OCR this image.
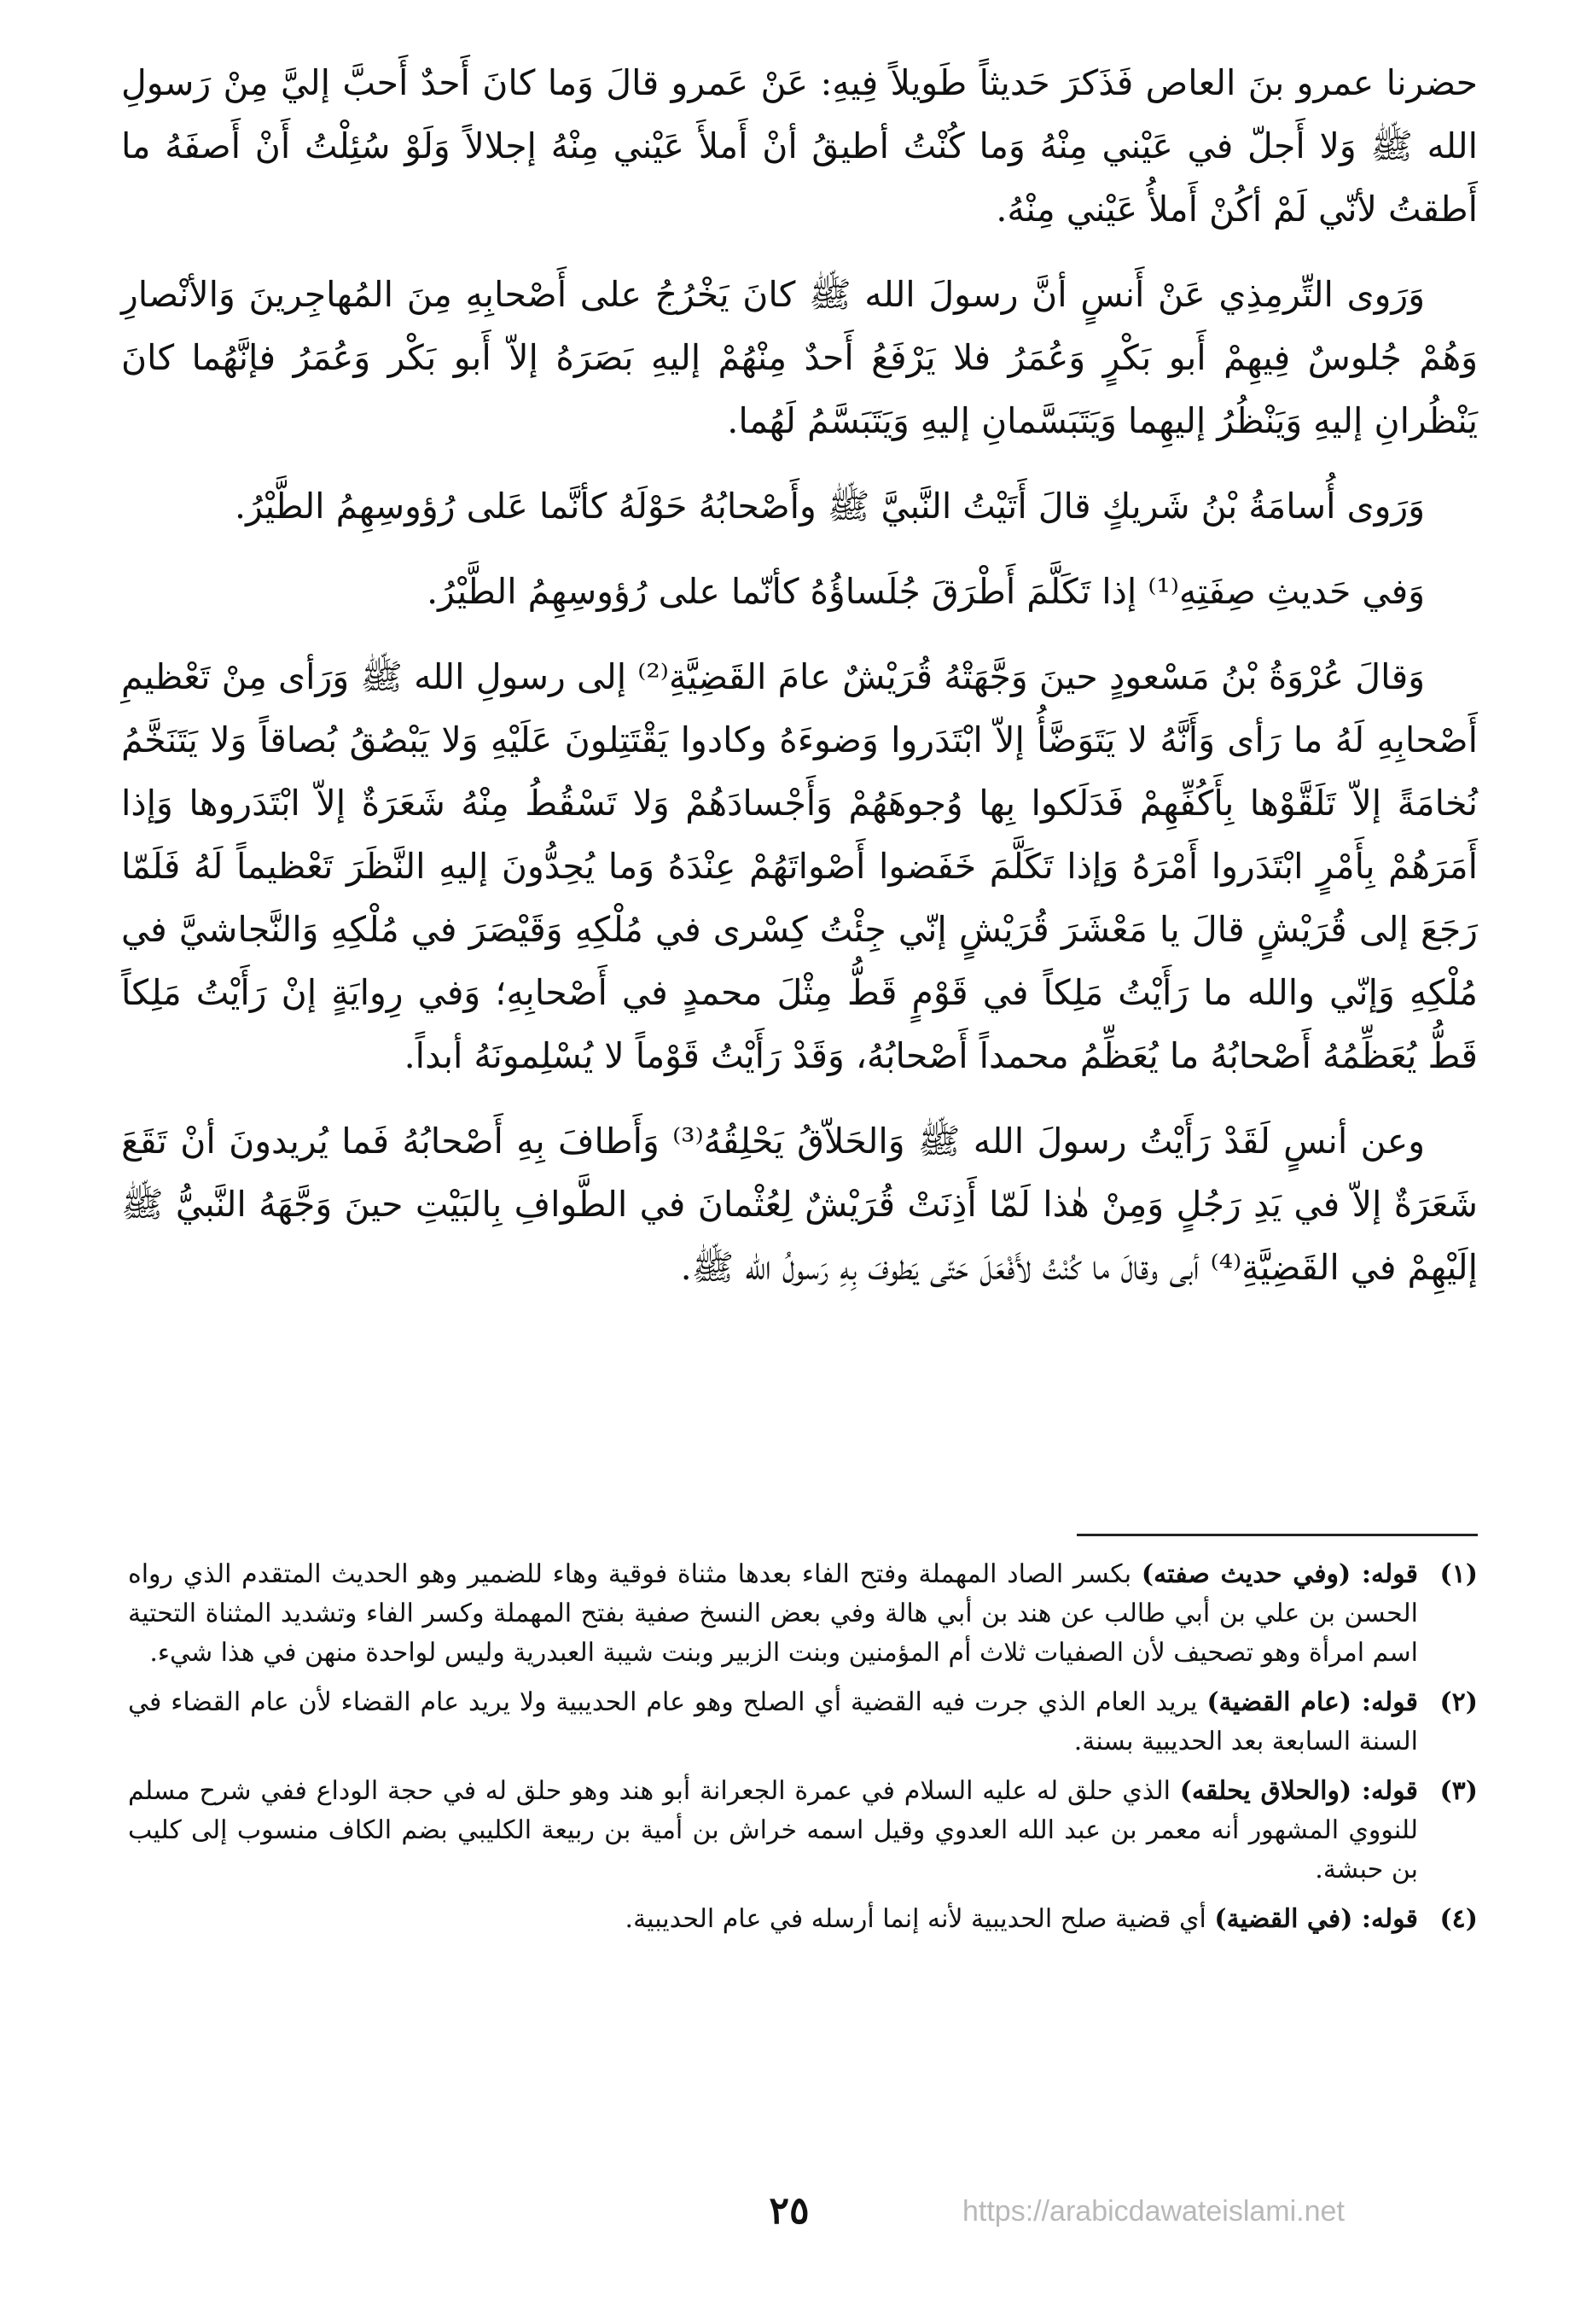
حضرنا عمرو بنَ العاص فَذَكرَ حَديثاً طَويلاً فِيهِ: عَنْ عَمرو قالَ وَما كانَ أَحدٌ أَحبَّ إليَّ مِنْ رَسولِ الله ﷺ وَلا أَجلّ في عَيْني مِنْهُ وَما كُنْتُ أطيقُ أنْ أَملأَ عَيْني مِنْهُ إجلالاً وَلَوْ سُئِلْتُ أَنْ أَصفَهُ ما أَطقتُ لأنّي لَمْ أكُنْ أَملأُ عَيْني مِنْهُ.

وَرَوى التِّرمِذِي عَنْ أَنسٍ أنَّ رسولَ الله ﷺ كانَ يَخْرُجُ على أَصْحابِهِ مِنَ المُهاجِرينَ وَالأنْصارِ وَهُمْ جُلوسٌ فِيهِمْ أَبو بَكْرٍ وَعُمَرُ فلا يَرْفَعُ أَحدٌ مِنْهُمْ إليهِ بَصَرَهُ إلاّ أَبو بَكْر وَعُمَرُ فإنَّهُما كانَ يَنْظُرانِ إليهِ وَيَنْظُرُ إليهِما وَيَتَبَسَّمانِ إليهِ وَيَتَبَسَّمُ لَهُما.

وَرَوى أُسامَةُ بْنُ شَريكٍ قالَ أَتَيْتُ النَّبيَّ ﷺ وأَصْحابُهُ حَوْلَهُ كأنَّما عَلى رُؤوسِهِمُ الطَّيْرُ.

وَفي حَديثِ صِفَتِهِ⁽¹⁾ إذا تَكَلَّمَ أَطْرَقَ جُلَساؤُهُ كأنّما على رُؤوسِهِمُ الطَّيْرُ.

وَقالَ عُرْوَةُ بْنُ مَسْعودٍ حينَ وَجَّهَتْهُ قُرَيْشٌ عامَ القَضِيَّةِ⁽²⁾ إلى رسولِ الله ﷺ وَرَأى مِنْ تَعْظيمِ أَصْحابِهِ لَهُ ما رَأى وَأَنَّهُ لا يَتَوَضَّأُ إلاّ ابْتَدَروا وَضوءَهُ وكادوا يَقْتَتِلونَ عَلَيْهِ وَلا يَبْصُقُ بُصاقاً وَلا يَتَنَخَّمُ نُخامَةً إلاّ تَلَقَّوْها بِأَكُفِّهِمْ فَدَلَكوا بِها وُجوهَهُمْ وَأَجْسادَهُمْ وَلا تَسْقُطُ مِنْهُ شَعَرَةٌ إلاّ ابْتَدَروها وَإذا أَمَرَهُمْ بِأَمْرٍ ابْتَدَروا أَمْرَهُ وَإذا تَكَلَّمَ خَفَضوا أَصْواتَهُمْ عِنْدَهُ وَما يُحِدُّونَ إليهِ النَّظَرَ تَعْظيماً لَهُ فَلَمّا رَجَعَ إلى قُرَيْشٍ قالَ يا مَعْشَرَ قُرَيْشٍ إنّي جِئْتُ كِسْرى في مُلْكِهِ وَقَيْصَرَ في مُلْكِهِ وَالنَّجاشيَّ في مُلْكِهِ وَإنّي والله ما رَأَيْتُ مَلِكاً في قَوْمٍ قَطُّ مِثْلَ محمدٍ في أَصْحابِهِ؛ وَفي رِوايَةٍ إنْ رَأَيْتُ مَلِكاً قَطُّ يُعَظِّمُهُ أَصْحابُهُ ما يُعَظِّمُ محمداً أَصْحابُهُ، وَقَدْ رَأَيْتُ قَوْماً لا يُسْلِمونَهُ أبداً.

وعن أنسٍ لَقَدْ رَأَيْتُ رسولَ الله ﷺ وَالحَلاّقُ يَحْلِقُهُ⁽³⁾ وَأَطافَ بِهِ أَصْحابُهُ فَما يُريدونَ أنْ تَقَعَ شَعَرَةٌ إلاّ في يَدِ رَجُلٍ وَمِنْ هٰذا لَمّا أَذِنَتْ قُرَيْشٌ لِعُثْمانَ في الطَّوافِ بِالبَيْتِ حينَ وَجَّهَهُ النَّبيُّ ﷺ إلَيْهِمْ في القَضِيَّةِ⁽⁴⁾ أبى وقالَ ما كُنْتُ لأَفْعَلَ حَتّى يَطوفَ بِهِ رَسولُ الله ﷺ.

(١)
قوله: (وفي حديث صفته) بكسر الصاد المهملة وفتح الفاء بعدها مثناة فوقية وهاء للضمير وهو الحديث المتقدم الذي رواه الحسن بن علي بن أبي طالب عن هند بن أبي هالة وفي بعض النسخ صفية بفتح المهملة وكسر الفاء وتشديد المثناة التحتية اسم امرأة وهو تصحيف لأن الصفيات ثلاث أم المؤمنين وبنت الزبير وبنت شيبة العبدرية وليس لواحدة منهن في هذا شيء.
(٢)
قوله: (عام القضية) يريد العام الذي جرت فيه القضية أي الصلح وهو عام الحديبية ولا يريد عام القضاء لأن عام القضاء في السنة السابعة بعد الحديبية بسنة.
(٣)
قوله: (والحلاق يحلقه) الذي حلق له عليه السلام في عمرة الجعرانة أبو هند وهو حلق له في حجة الوداع ففي شرح مسلم للنووي المشهور أنه معمر بن عبد الله العدوي وقيل اسمه خراش بن أمية بن ربيعة الكليبي بضم الكاف منسوب إلى كليب بن حبشة.
(٤)
قوله: (في القضية) أي قضية صلح الحديبية لأنه إنما أرسله في عام الحديبية.
٢٥	https://arabicdawateislami.net
